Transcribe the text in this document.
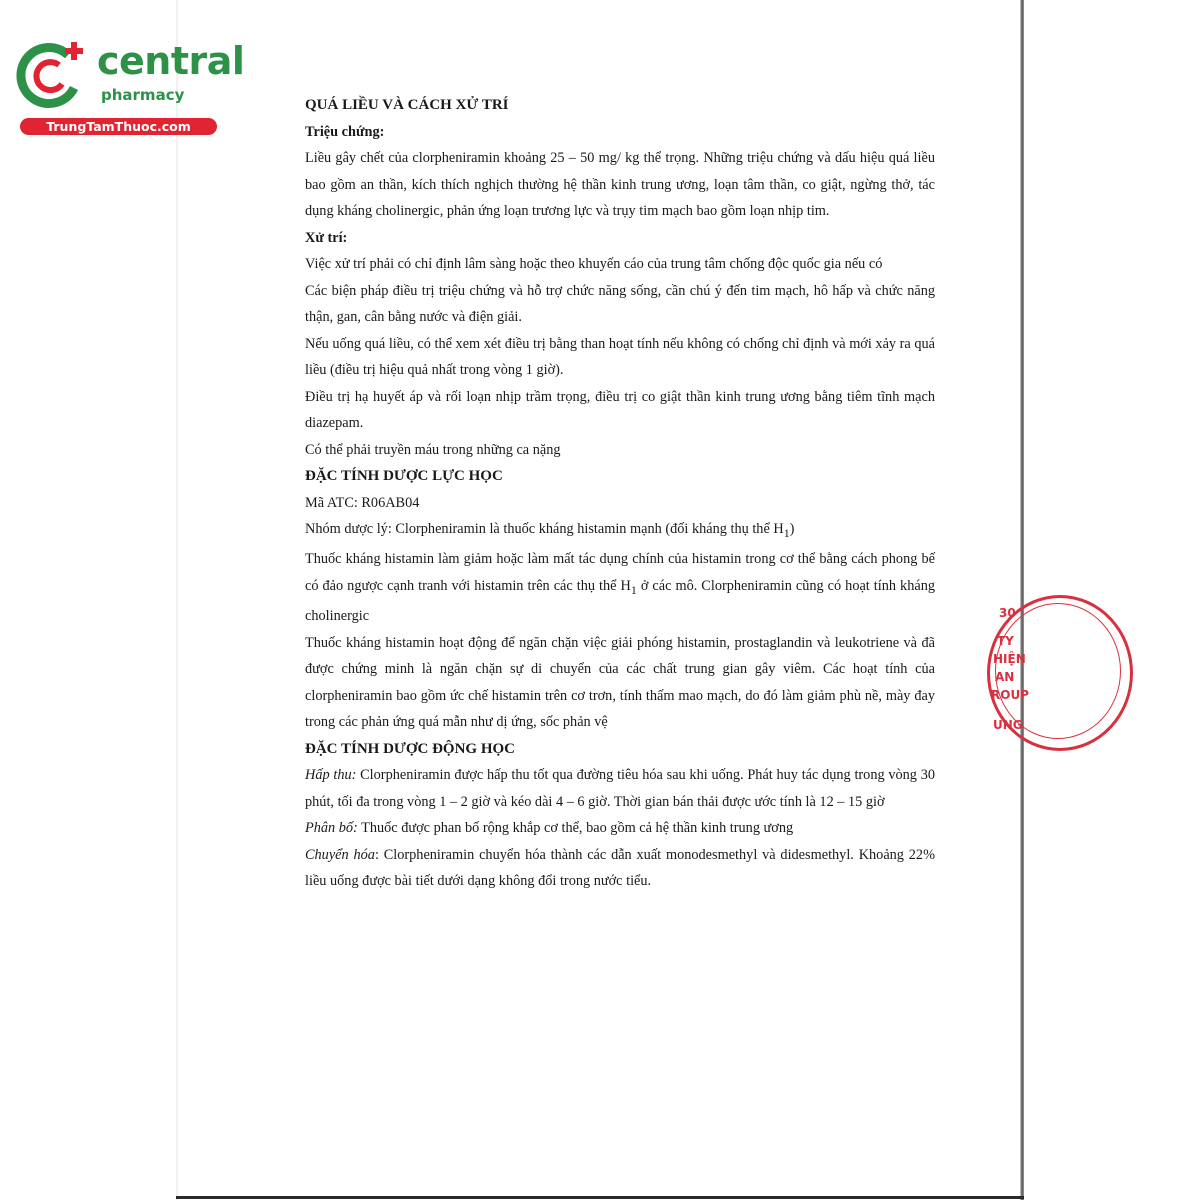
central
pharmacy
TrungTamThuoc.com

QUÁ LIỀU VÀ CÁCH XỬ TRÍ

Triệu chứng:

Liều gây chết của clorpheniramin khoảng 25 – 50 mg/ kg thể trọng. Những triệu chứng và dấu hiệu quá liều bao gồm an thần, kích thích nghịch thường hệ thần kinh trung ương, loạn tâm thần, co giật, ngừng thở, tác dụng kháng cholinergic, phản ứng loạn trương lực và trụy tim mạch bao gồm loạn nhịp tim.

Xử trí:

Việc xử trí phải có chỉ định lâm sàng hoặc theo khuyến cáo của trung tâm chống độc quốc gia nếu có

Các biện pháp điều trị triệu chứng và hỗ trợ chức năng sống, cần chú ý đến tim mạch, hô hấp và chức năng thận, gan, cân bằng nước và điện giải.

Nếu uống quá liều, có thể xem xét điều trị bằng than hoạt tính nếu không có chống chỉ định và mới xảy ra quá liều (điều trị hiệu quả nhất trong vòng 1 giờ).

Điều trị hạ huyết áp và rối loạn nhịp trầm trọng, điều trị co giật thần kinh trung ương bằng tiêm tĩnh mạch diazepam.

Có thể phải truyền máu trong những ca nặng

ĐẶC TÍNH DƯỢC LỰC HỌC

Mã ATC: R06AB04

Nhóm dược lý: Clorpheniramin là thuốc kháng histamin mạnh (đối kháng thụ thể $H_1$)

Thuốc kháng histamin làm giảm hoặc làm mất tác dụng chính của histamin trong cơ thể bằng cách phong bế có đảo ngược cạnh tranh với histamin trên các thụ thể $H_1$ ở các mô. Clorpheniramin cũng có hoạt tính kháng cholinergic

Thuốc kháng histamin hoạt động để ngăn chặn việc giải phóng histamin, prostaglandin và leukotriene và đã được chứng minh là ngăn chặn sự di chuyển của các chất trung gian gây viêm. Các hoạt tính của clorpheniramin bao gồm ức chế histamin trên cơ trơn, tính thấm mao mạch, do đó làm giảm phù nề, mày đay trong các phản ứng quá mẫn như dị ứng, sốc phản vệ

ĐẶC TÍNH DƯỢC ĐỘNG HỌC

Hấp thu: Clorpheniramin được hấp thu tốt qua đường tiêu hóa sau khi uống. Phát huy tác dụng trong vòng 30 phút, tối đa trong vòng 1 – 2 giờ và kéo dài 4 – 6 giờ. Thời gian bán thải được ước tính là 12 – 15 giờ

Phân bố: Thuốc được phan bố rộng khắp cơ thể, bao gồm cả hệ thần kinh trung ương

Chuyển hóa: Clorpheniramin chuyển hóa thành các dẫn xuất monodesmethyl và didesmethyl. Khoảng 22% liều uống được bài tiết dưới dạng không đổi trong nước tiểu.

30
TY
HIỆN
AN
ROUP
UNG
